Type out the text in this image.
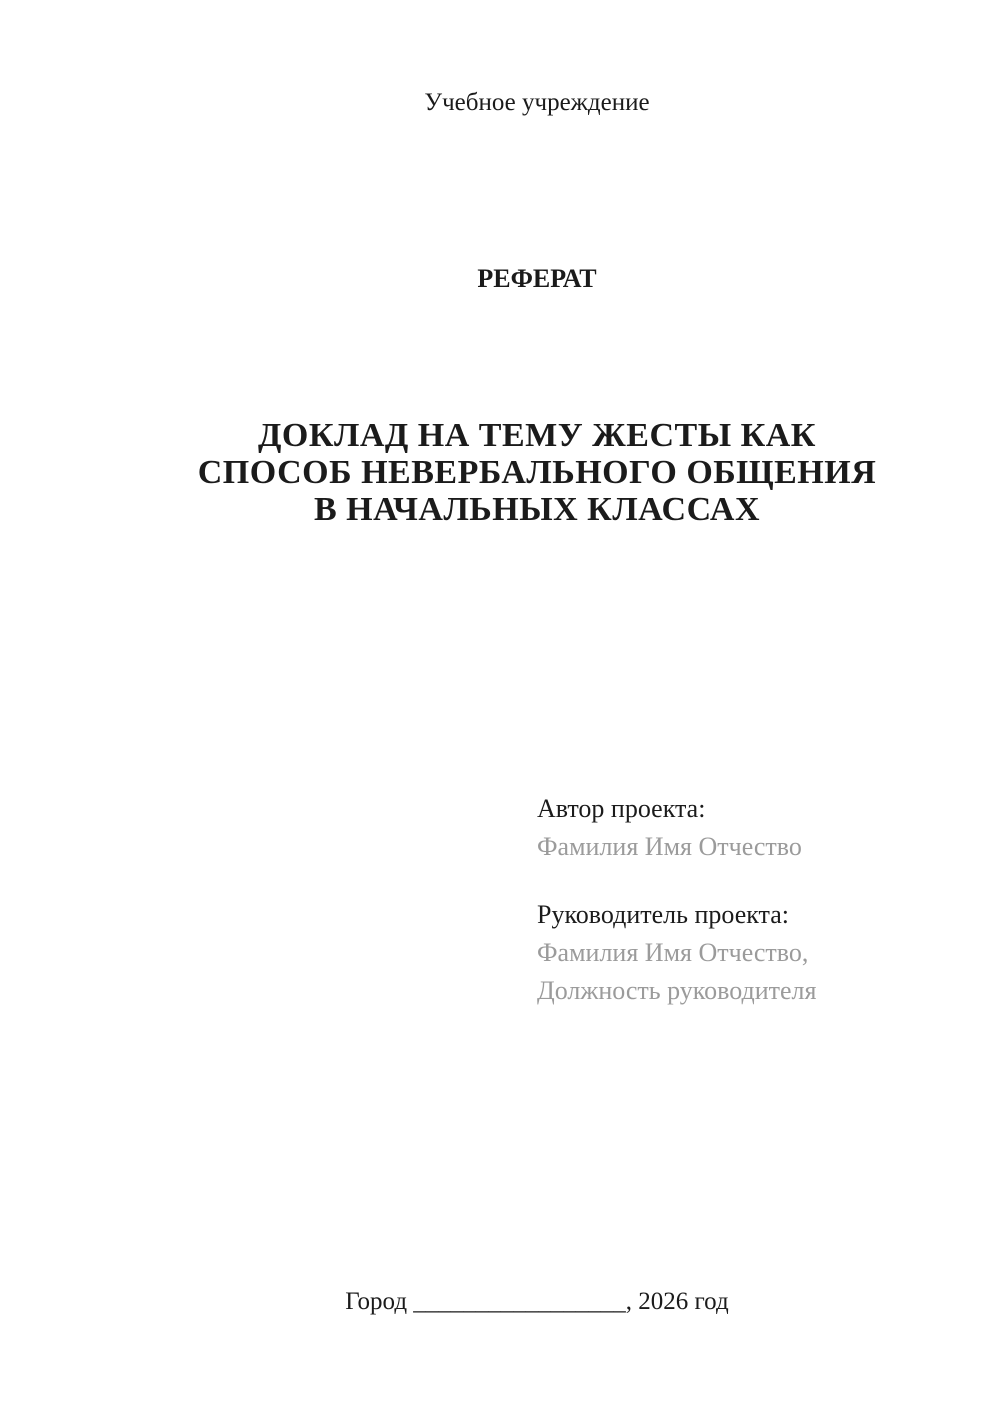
Учебное учреждение
РЕФЕРАТ
ДОКЛАД НА ТЕМУ ЖЕСТЫ КАК
СПОСОБ НЕВЕРБАЛЬНОГО ОБЩЕНИЯ
В НАЧАЛЬНЫХ КЛАССАХ
Автор проекта:
Фамилия Имя Отчество
Руководитель проекта:
Фамилия Имя Отчество,
Должность руководителя
Город _________________, 2026 год
